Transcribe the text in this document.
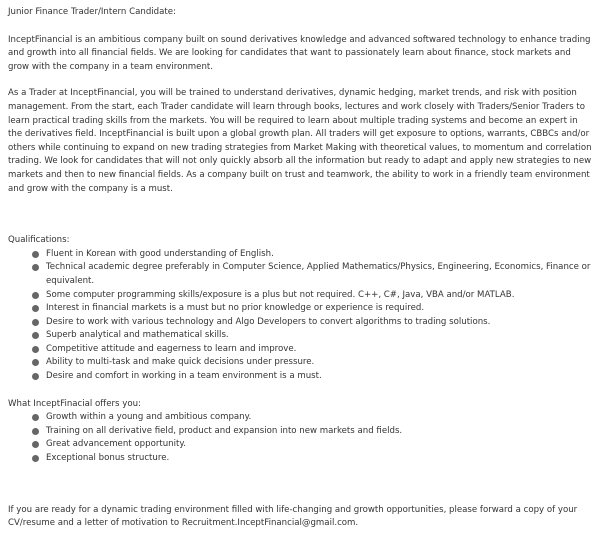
Junior Finance Trader/Intern Candidate:

InceptFinancial is an ambitious company built on sound derivatives knowledge and advanced softwared technology to enhance trading and growth into all financial fields. We are looking for candidates that want to passionately learn about finance, stock markets and grow with the company in a team environment.

As a Trader at InceptFinancial, you will be trained to understand derivatives, dynamic hedging, market trends, and risk with position management. From the start, each Trader candidate will learn through books, lectures and work closely with Traders/Senior Traders to learn practical trading skills from the markets. You will be required to learn about multiple trading systems and become an expert in the derivatives field. InceptFinancial is built upon a global growth plan. All traders will get exposure to options, warrants, CBBCs and/or others while continuing to expand on new trading strategies from Market Making with theoretical values, to momentum and correlation trading. We look for candidates that will not only quickly absorb all the information but ready to adapt and apply new strategies to new markets and then to new financial fields. As a company built on trust and teamwork, the ability to work in a friendly team environment and grow with the company is a must.

Qualifications:

Fluent in Korean with good understanding of English.
Technical academic degree preferably in Computer Science, Applied Mathematics/Physics, Engineering, Economics, Finance or equivalent.
Some computer programming skills/exposure is a plus but not required. C++, C#, Java, VBA and/or MATLAB.
Interest in financial markets is a must but no prior knowledge or experience is required.
Desire to work with various technology and Algo Developers to convert algorithms to trading solutions.
Superb analytical and mathematical skills.
Competitive attitude and eagerness to learn and improve.
Ability to multi-task and make quick decisions under pressure.
Desire and comfort in working in a team environment is a must.

What InceptFinacial offers you:

Growth within a young and ambitious company.
Training on all derivative field, product and expansion into new markets and fields.
Great advancement opportunity.
Exceptional bonus structure.

If you are ready for a dynamic trading environment filled with life-changing and growth opportunities, please forward a copy of your CV/resume and a letter of motivation to Recruitment.InceptFinancial@gmail.com.
